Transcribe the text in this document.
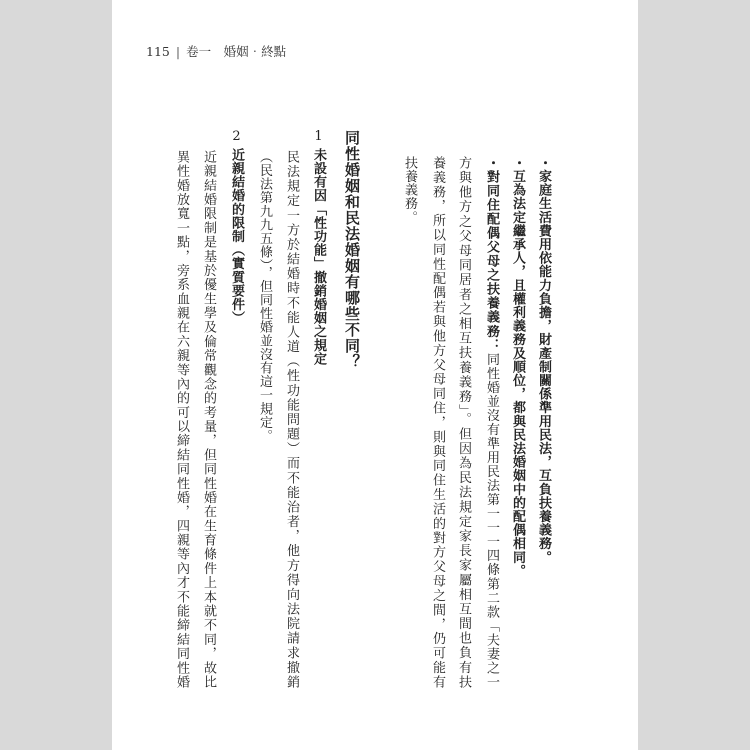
115 | 卷一　婚姻‧終點
・家庭生活費用依能力負擔，財產制關係準用民法，互負扶養義務。
・互為法定繼承人，且權利義務及順位，都與民法婚姻中的配偶相同。
・對同住配偶父母之扶養義務：同性婚並沒有準用民法第一一一四條第二款「夫妻之一
方與他方之父母同居者之相互扶養義務」。但因為民法規定家長家屬相互間也負有扶
養義務，所以同性配偶若與他方父母同住，則與同住生活的對方父母之間，仍可能有
扶養義務。
同性婚姻和民法婚姻有哪些不同？
1未設有因「性功能」撤銷婚姻之規定
民法規定一方於結婚時不能人道（性功能問題）而不能治者，他方得向法院請求撤銷
（民法第九九五條），但同性婚並沒有這一規定。
2近親結婚的限制（實質要件）
近親結婚限制是基於優生學及倫常觀念的考量，但同性婚在生育條件上本就不同，故比
異性婚放寬一點，旁系血親在六親等內的可以締結同性婚，四親等內才不能締結同性婚
